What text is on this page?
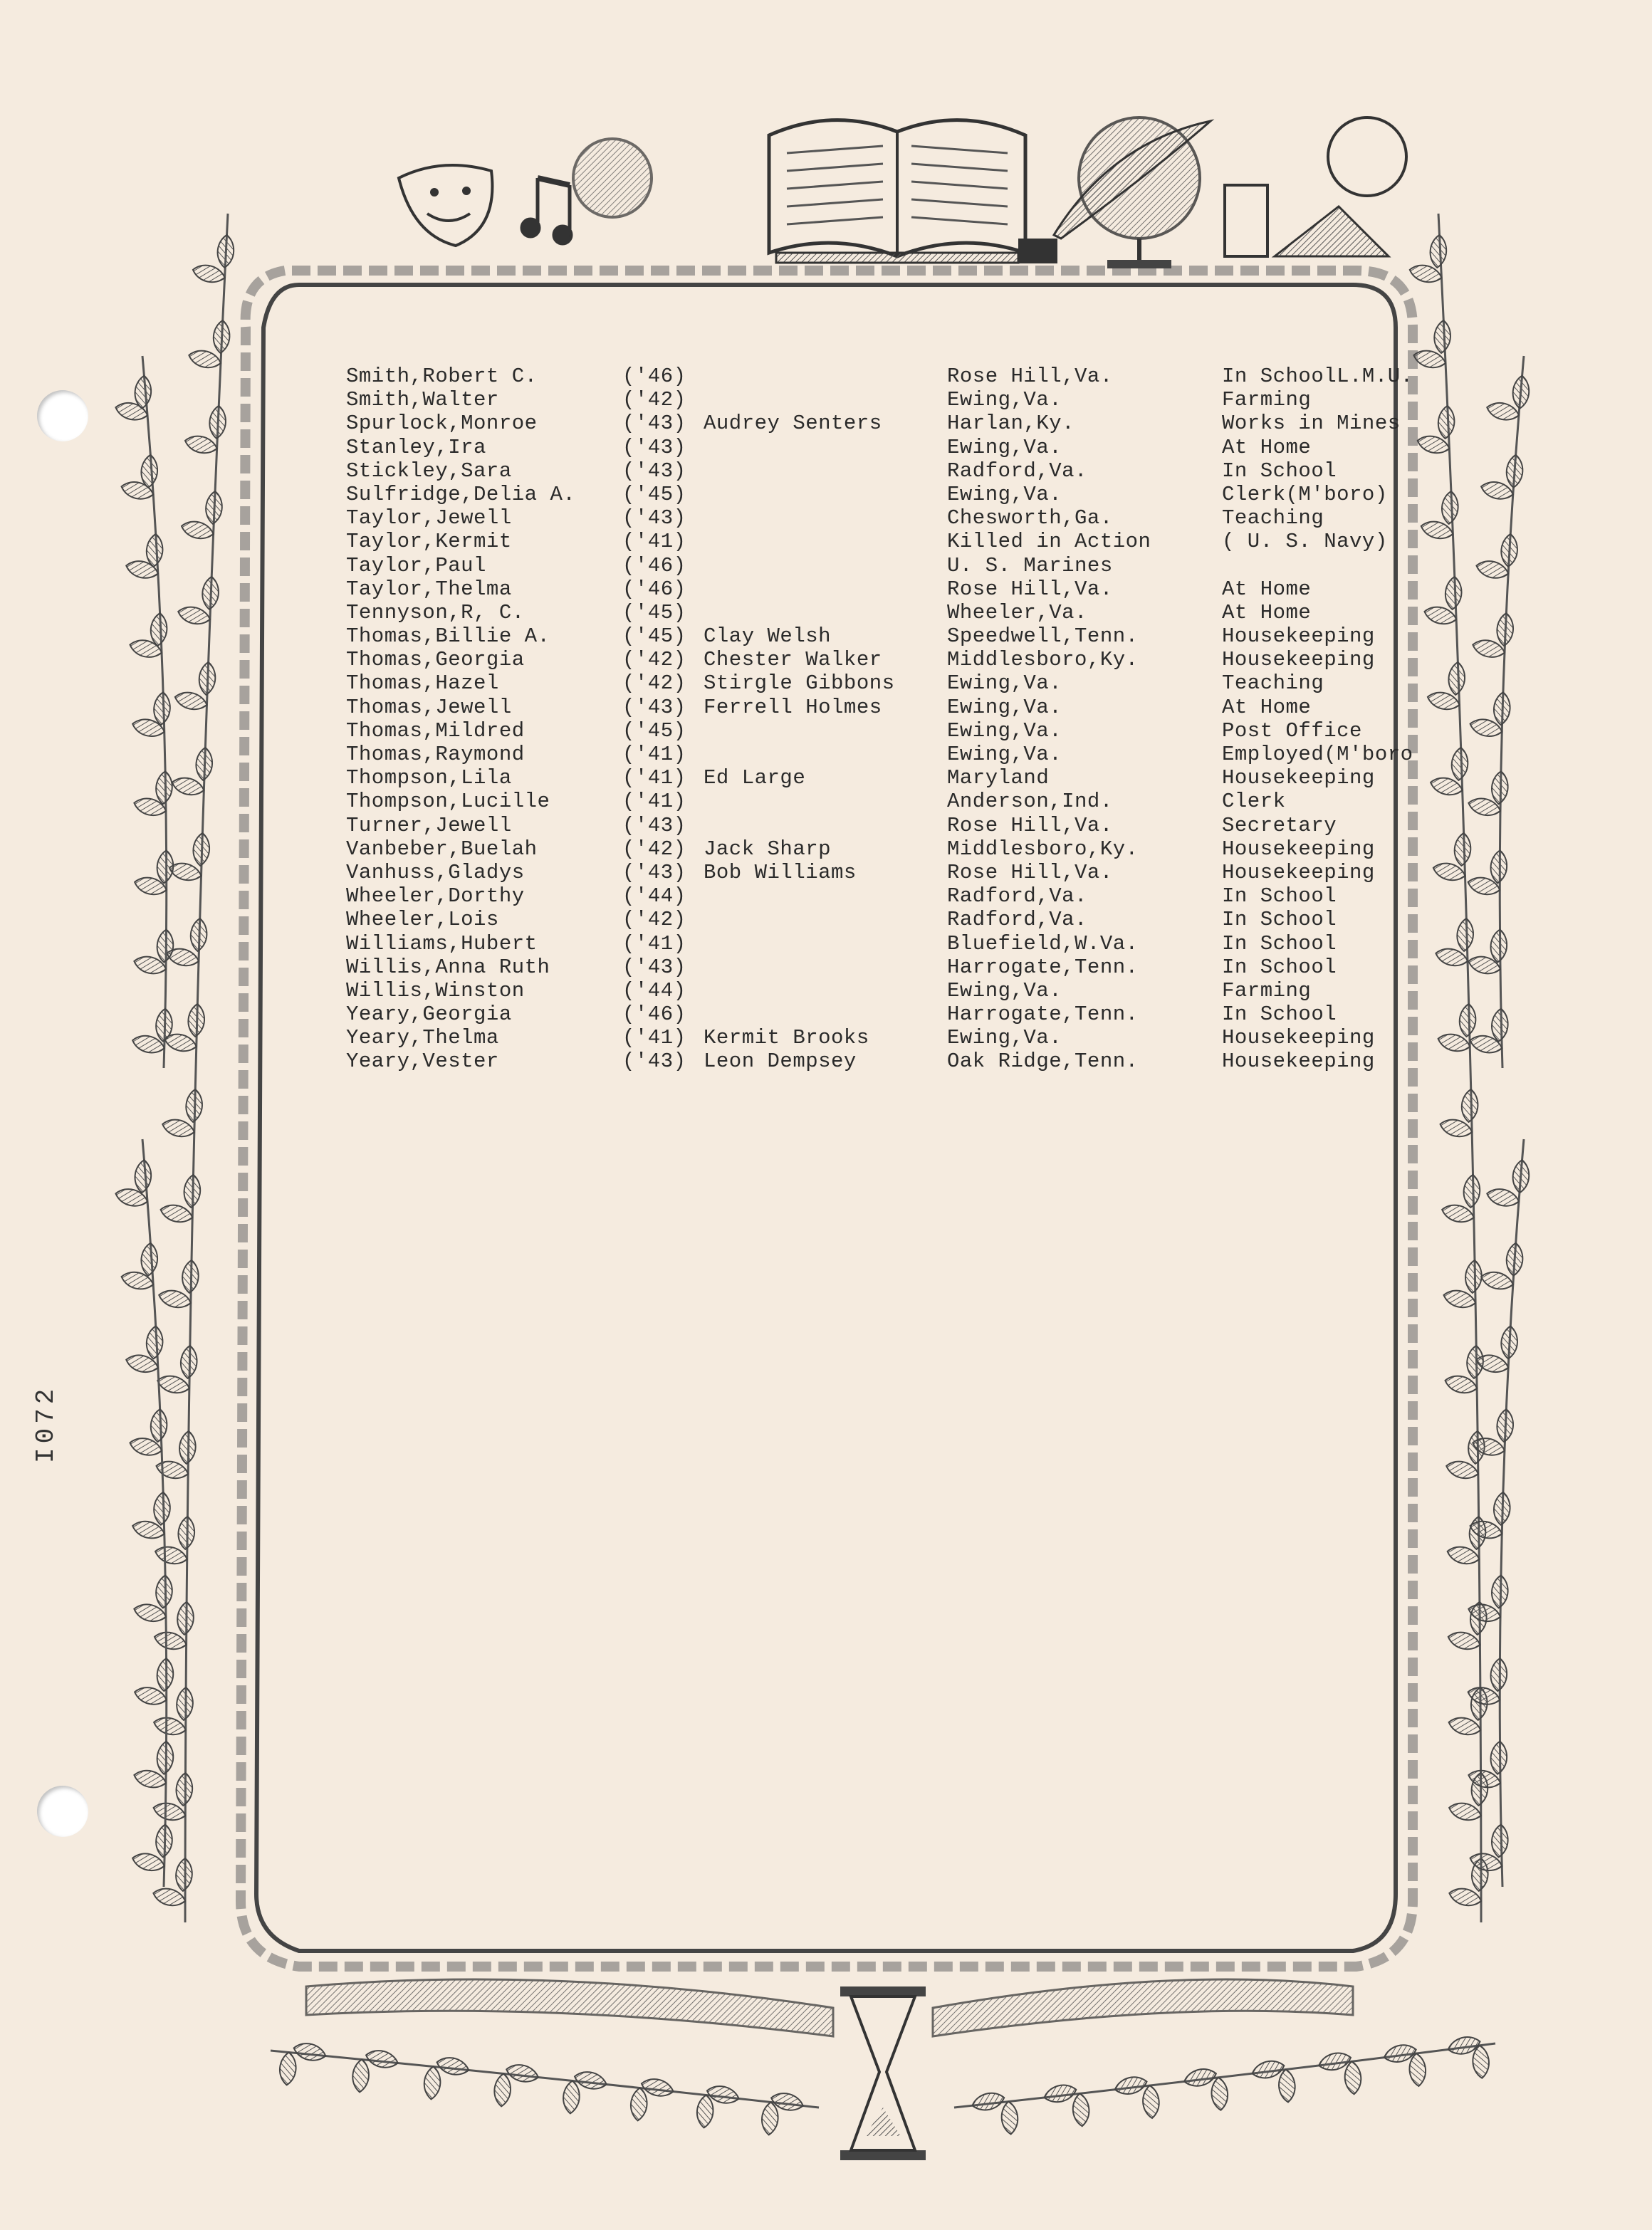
Smith,Robert C.	('46)	Rose Hill,Va.	In SchoolL.M.U.
Smith,Walter	('42)	Ewing,Va.	Farming
Spurlock,Monroe	('43) Audrey Senters	Harlan,Ky.	Works in Mines
Stanley,Ira	('43)	Ewing,Va.	At Home
Stickley,Sara	('43)	Radford,Va.	In School
Sulfridge,Delia A. ('45)	Ewing,Va.	Clerk(M'boro)
Taylor,Jewell	('43)	Chesworth,Ga.	Teaching
Taylor,Kermit	('41)	Killed in Action	( U. S. Navy)
Taylor,Paul	('46)	U. S. Marines
Taylor,Thelma	('46)	Rose Hill,Va.	At Home
Tennyson,R, C.	('45)	Wheeler,Va.	At Home
Thomas,Billie A.	('45) Clay Welsh	Speedwell,Tenn.	Housekeeping
Thomas,Georgia	('42) Chester Walker	Middlesboro,Ky.	Housekeeping
Thomas,Hazel	('42) Stirgle Gibbons	Ewing,Va.	Teaching
Thomas,Jewell	('43) Ferrell Holmes	Ewing,Va.	At Home
Thomas,Mildred	('45)	Ewing,Va.	Post Office
Thomas,Raymond	('41)	Ewing,Va.	Employed(M'boro
Thompson,Lila	('41) Ed Large	Maryland	Housekeeping
Thompson,Lucille	('41)	Anderson,Ind.	Clerk
Turner,Jewell	('43)	Rose Hill,Va.	Secretary
Vanbeber,Buelah	('42) Jack Sharp	Middlesboro,Ky.	Housekeeping
Vanhuss,Gladys	('43) Bob Williams	Rose Hill,Va.	Housekeeping
Wheeler,Dorthy	('44)	Radford,Va.	In School
Wheeler,Lois	('42)	Radford,Va.	In School
Williams,Hubert	('41)	Bluefield,W.Va.	In School
Willis,Anna Ruth	('43)	Harrogate,Tenn.	In School
Willis,Winston	('44)	Ewing,Va.	Farming
Yeary,Georgia	('46)	Harrogate,Tenn.	In School
Yeary,Thelma	('41) Kermit Brooks	Ewing,Va.	Housekeeping
Yeary,Vester	('43) Leon Dempsey	Oak Ridge,Tenn.	Housekeeping
I072
